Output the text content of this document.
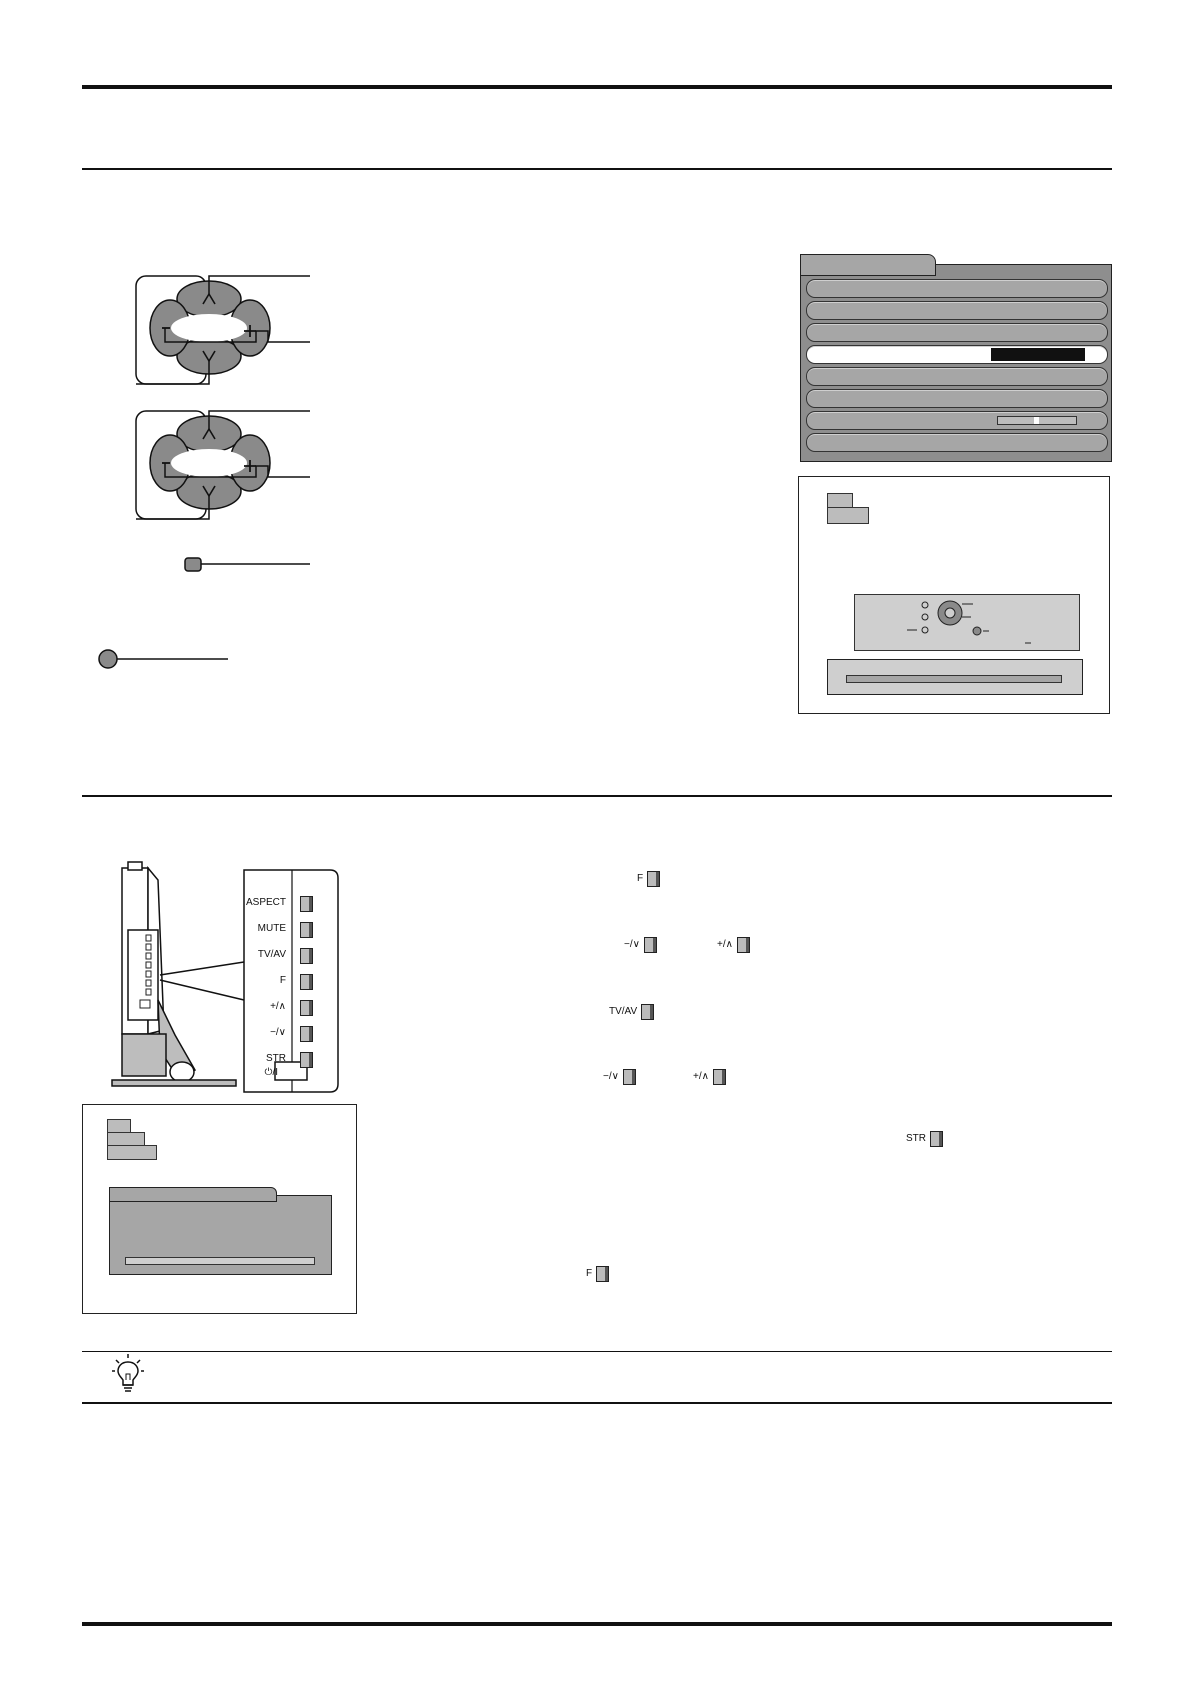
ASPECT
MUTE
TV/AV
F
+/∧
−/∨
STR
⏻/I
F
−/∨	+/∧
TV/AV
−/∨	+/∧
STR
F
